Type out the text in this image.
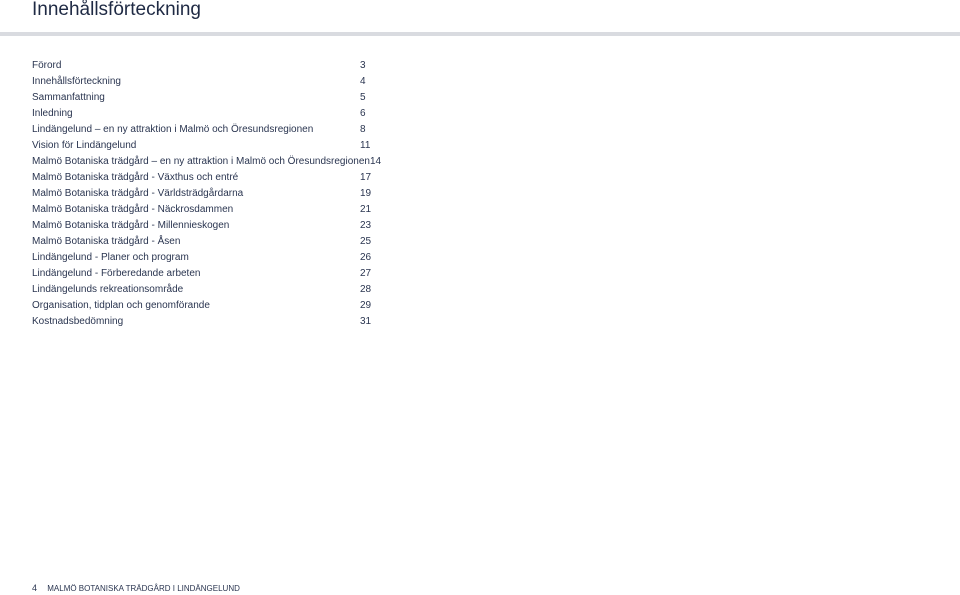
Innehållsförteckning
Förord	3
Innehållsförteckning	4
Sammanfattning	5
Inledning	6
Lindängelund – en ny attraktion i Malmö och Öresundsregionen	8
Vision för Lindängelund	11
Malmö Botaniska trädgård – en ny attraktion i Malmö och Öresundsregionen 14
Malmö Botaniska trädgård - Växthus och entré	17
Malmö Botaniska trädgård - Världsträdgårdarna	19
Malmö Botaniska trädgård - Näckrosdammen	21
Malmö Botaniska trädgård - Millennieskogen	23
Malmö Botaniska trädgård - Åsen	25
Lindängelund - Planer och program	26
Lindängelund - Förberedande arbeten	27
Lindängelunds rekreationsområde	28
Organisation, tidplan och genomförande	29
Kostnadsbedömning	31
4 MALMÖ BOTANISKA TRÄDGÅRD I LINDÄNGELUND
